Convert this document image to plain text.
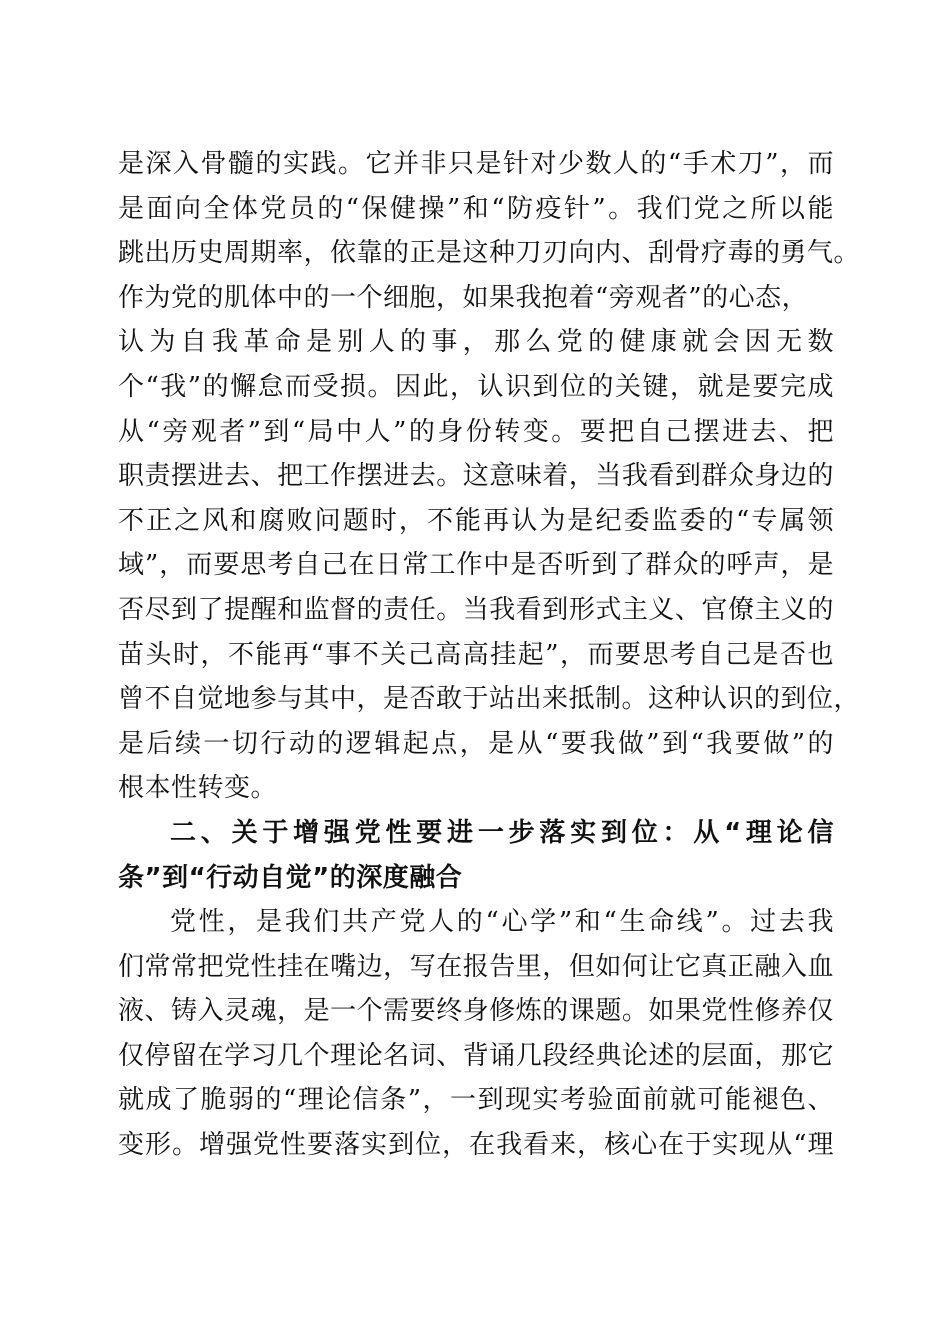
是深入骨髓的实践。它并非只是针对少数人的“手术刀”，而
是面向全体党员的“保健操”和“防疫针”。我们党之所以能
跳出历史周期率，依靠的正是这种刀刃向内、刮骨疗毒的勇气。
作为党的肌体中的一个细胞，如果我抱着“旁观者”的心态，
认为自我革命是别人的事，那么党的健康就会因无数
个“我”的懈怠而受损。因此，认识到位的关键，就是要完成
从“旁观者”到“局中人”的身份转变。要把自己摆进去、把
职责摆进去、把工作摆进去。这意味着，当我看到群众身边的
不正之风和腐败问题时，不能再认为是纪委监委的“专属领
域”，而要思考自己在日常工作中是否听到了群众的呼声，是
否尽到了提醒和监督的责任。当我看到形式主义、官僚主义的
苗头时，不能再“事不关己高高挂起”，而要思考自己是否也
曾不自觉地参与其中，是否敢于站出来抵制。这种认识的到位，
是后续一切行动的逻辑起点，是从“要我做”到“我要做”的
根本性转变。
二、关于增强党性要进一步落实到位：从“理论信
条”到“行动自觉”的深度融合
党性，是我们共产党人的“心学”和“生命线”。过去我
们常常把党性挂在嘴边，写在报告里，但如何让它真正融入血
液、铸入灵魂，是一个需要终身修炼的课题。如果党性修养仅
仅停留在学习几个理论名词、背诵几段经典论述的层面，那它
就成了脆弱的“理论信条”，一到现实考验面前就可能褪色、
变形。增强党性要落实到位，在我看来，核心在于实现从“理
